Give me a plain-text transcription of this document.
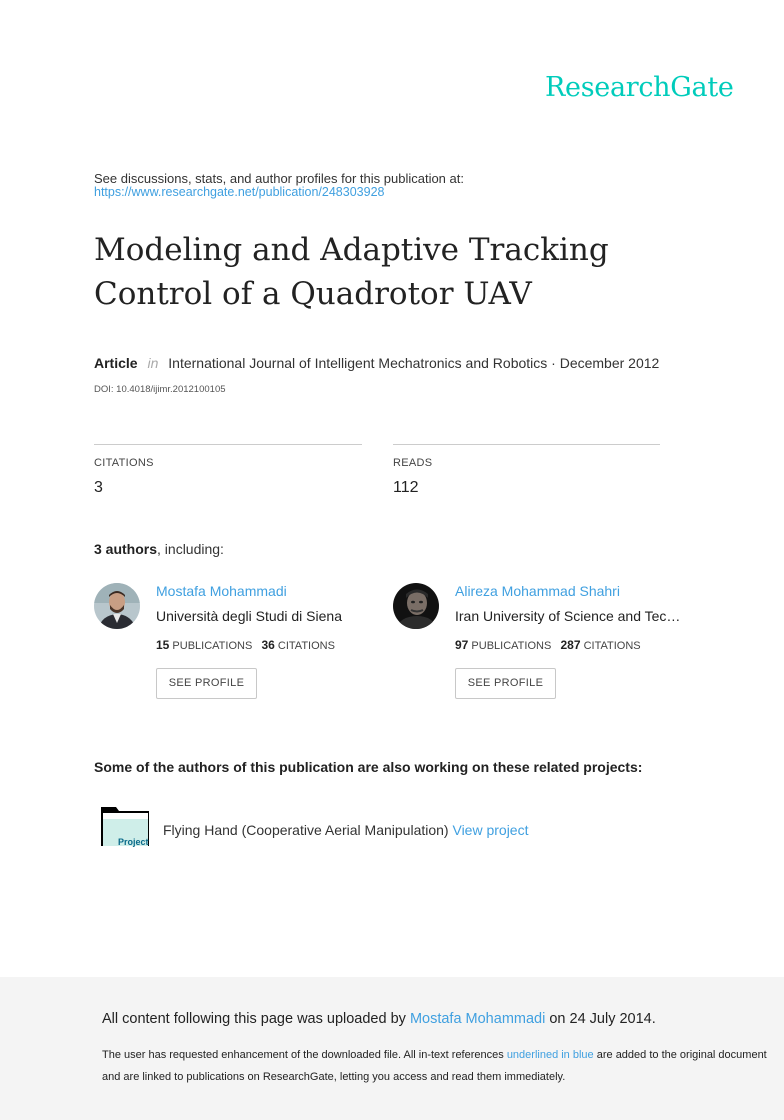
ResearchGate
See discussions, stats, and author profiles for this publication at:
https://www.researchgate.net/publication/248303928
Modeling and Adaptive Tracking Control of a Quadrotor UAV
Article in International Journal of Intelligent Mechatronics and Robotics · December 2012
DOI: 10.4018/ijimr.2012100105
CITATIONS
3
READS
112
3 authors, including:
Mostafa Mohammadi
Università degli Studi di Siena
15 PUBLICATIONS 36 CITATIONS
SEE PROFILE
Alireza Mohammad Shahri
Iran University of Science and Tec…
97 PUBLICATIONS 287 CITATIONS
SEE PROFILE
Some of the authors of this publication are also working on these related projects:
Project
Flying Hand (Cooperative Aerial Manipulation) View project
All content following this page was uploaded by Mostafa Mohammadi on 24 July 2014.
The user has requested enhancement of the downloaded file. All in-text references underlined in blue are added to the original document
and are linked to publications on ResearchGate, letting you access and read them immediately.
